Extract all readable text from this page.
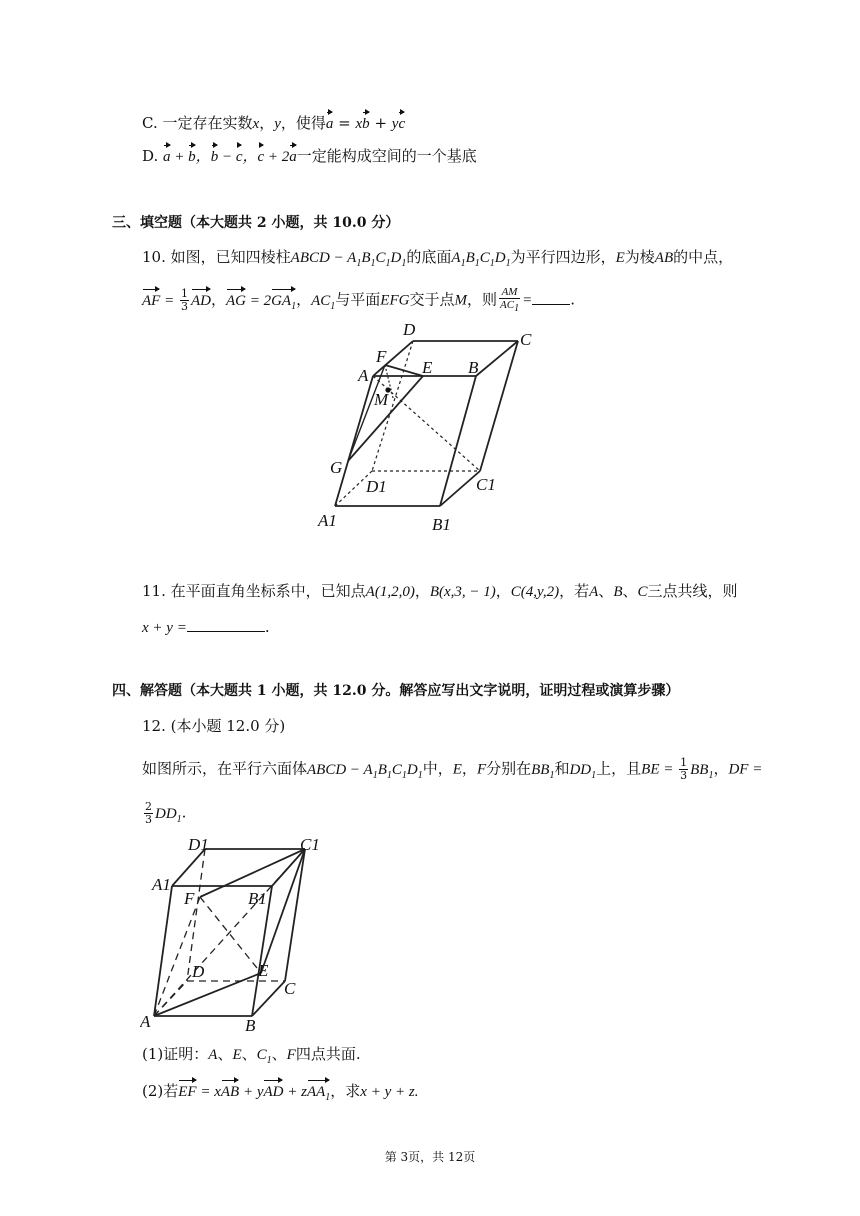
C. 一定存在实数x，y，使得a = xb + yc
D. a + b，b − c，c + 2a一定能构成空间的一个基底
三、填空题（本大题共 2 小题，共 10.0 分）
10. 如图，已知四棱柱ABCD − $A_1B_1C_1D_1$的底面$A_1B_1C_1D_1$为平行四边形，E为棱AB的中点，
AF = $\frac{1}{3}$ AD，AG = $2GA_1$，$AC_1$与平面EFG交于点M，则 $\frac{AM}{AC_1}$ =	.
D
C
F
A	E B
M
G
D1	C1
A1	B1
11. 在平面直角坐标系中，已知点A(1,2,0)，B(x,3, − 1)，C(4,y,2)，若A、B、C三点共线，则
x + y =	.
四、解答题（本大题共 1 小题，共 12.0 分。解答应写出文字说明，证明过程或演算步骤）
12. (本小题 12.0 分)
如图所示，在平行六面体ABCD − $A_1B_1C_1D_1$中，E，F分别在$BB_1$和$DD_1$上，且BE = $\frac{1}{3} BB_1$，DF =
$\frac{2}{3} DD_1$.
D1	C1
A1
F	B1
D	E
C
A	B
(1)证明：A、E、$C_1$、F四点共面.
(2)若EF = xAB + yAD + zAA$_1$，求x + y + z.
第 3页，共 12页
